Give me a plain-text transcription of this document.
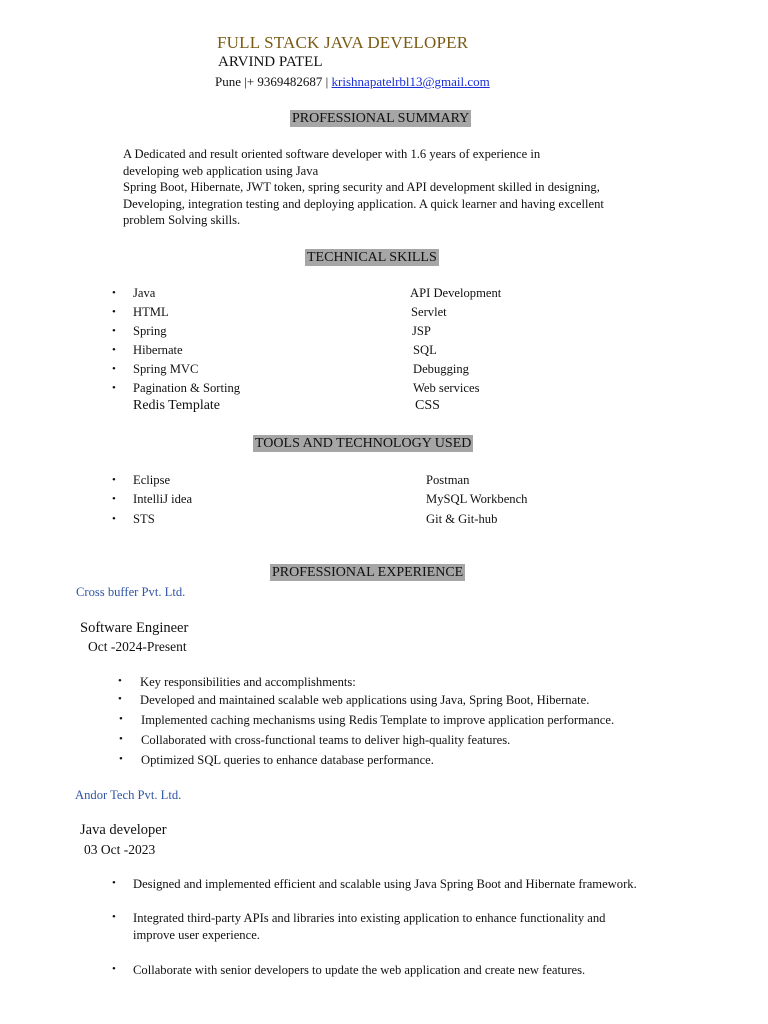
FULL STACK JAVA DEVELOPER
ARVIND PATEL
Pune |+ 9369482687 | krishnapatelrbl13@gmail.com
PROFESSIONAL SUMMARY
A Dedicated and result oriented software developer with 1.6 years of experience in
developing web application using Java
Spring Boot, Hibernate, JWT token, spring security and API development skilled in designing,
Developing, integration testing and deploying application. A quick learner and having excellent
problem Solving skills.
TECHNICAL SKILLS
• Java	API Development
• HTML	Servlet
• Spring	JSP
• Hibernate	SQL
• Spring MVC	Debugging
• Pagination & Sorting	Web services
Redis Template	CSS
TOOLS AND TECHNOLOGY USED
• Eclipse	Postman
• IntelliJ idea	MySQL Workbench
• STS	Git & Git-hub
PROFESSIONAL EXPERIENCE
Cross buffer Pvt. Ltd.
Software Engineer
Oct -2024-Present
• Key responsibilities and accomplishments:
• Developed and maintained scalable web applications using Java, Spring Boot, Hibernate.
• Implemented caching mechanisms using Redis Template to improve application performance.
• Collaborated with cross-functional teams to deliver high-quality features.
• Optimized SQL queries to enhance database performance.
Andor Tech Pvt. Ltd.
Java developer
03 Oct -2023
• Designed and implemented efficient and scalable using Java Spring Boot and Hibernate framework.
• Integrated third-party APIs and libraries into existing application to enhance functionality and
improve user experience.
• Collaborate with senior developers to update the web application and create new features.
